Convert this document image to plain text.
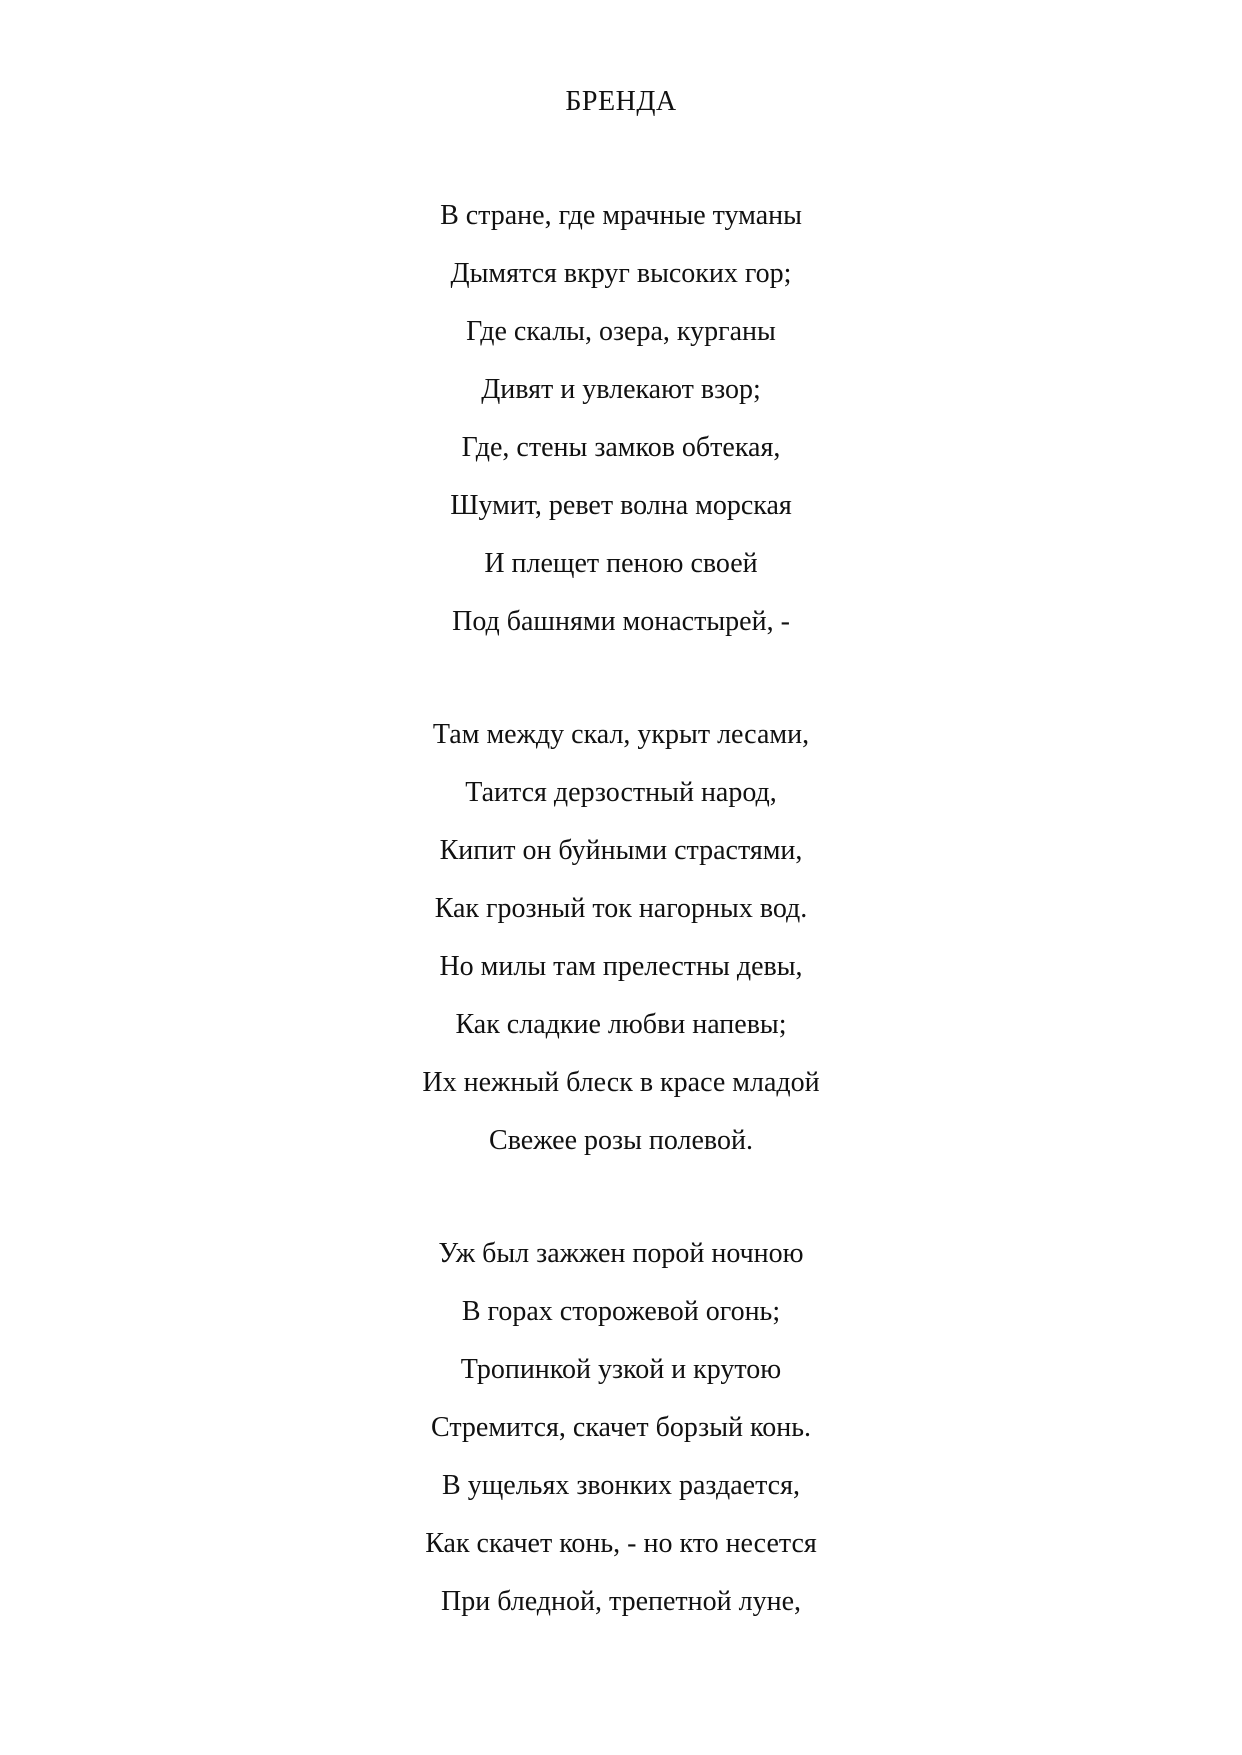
БРЕНДА
В стране, где мрачные туманы
Дымятся вкруг высоких гор;
Где скалы, озера, курганы
Дивят и увлекают взор;
Где, стены замков обтекая,
Шумит, ревет волна морская
И плещет пеною своей
Под башнями монастырей, -
Там между скал, укрыт лесами,
Таится дерзостный народ,
Кипит он буйными страстями,
Как грозный ток нагорных вод.
Но милы там прелестны девы,
Как сладкие любви напевы;
Их нежный блеск в красе младой
Свежее розы полевой.
Уж был зажжен порой ночною
В горах сторожевой огонь;
Тропинкой узкой и крутою
Стремится, скачет борзый конь.
В ущельях звонких раздается,
Как скачет конь, - но кто несется
При бледной, трепетной луне,
